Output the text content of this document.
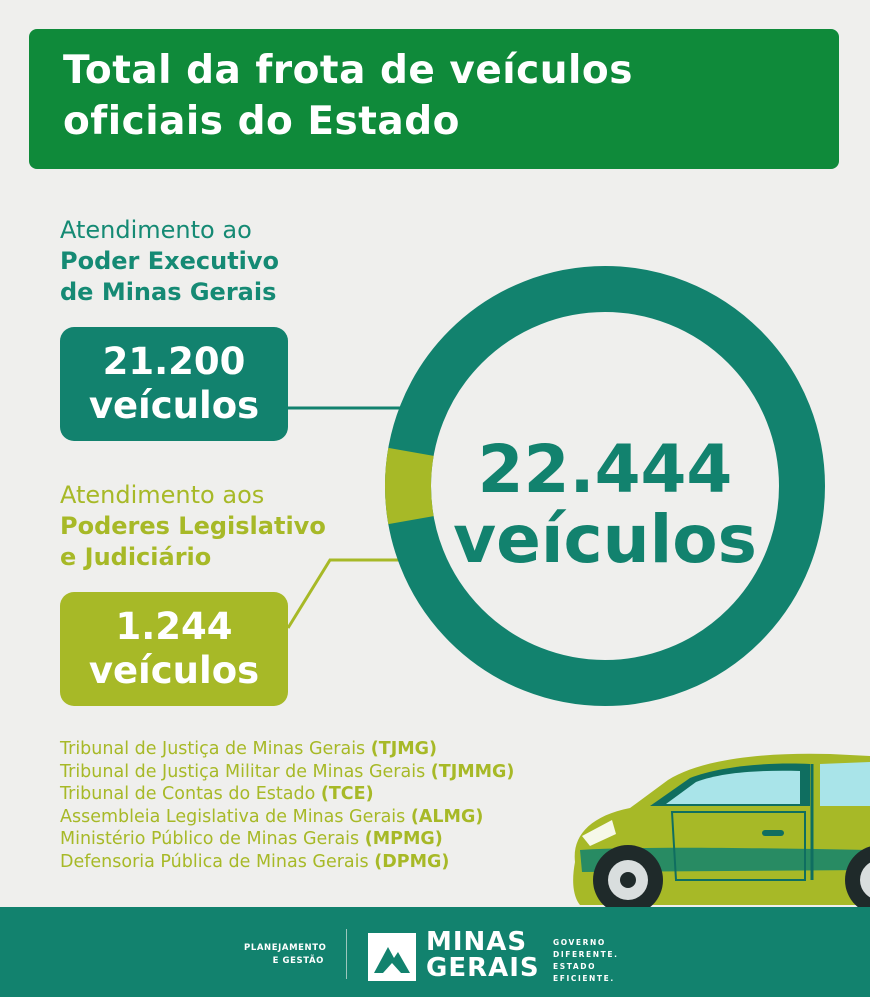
Total da frota de veículos
oficiais do Estado
Atendimento ao
Poder Executivo
de Minas Gerais
21.200
veículos
Atendimento aos
Poderes Legislativo
e Judiciário
1.244
veículos
22.444
veículos
Tribunal de Justiça de Minas Gerais (TJMG)
Tribunal de Justiça Militar de Minas Gerais (TJMMG)
Tribunal de Contas do Estado (TCE)
Assembleia Legislativa de Minas Gerais (ALMG)
Ministério Público de Minas Gerais (MPMG)
Defensoria Pública de Minas Gerais (DPMG)
PLANEJAMENTO
E GESTÃO
MINAS
GERAIS
GOVERNO
DIFERENTE.
ESTADO
EFICIENTE.
